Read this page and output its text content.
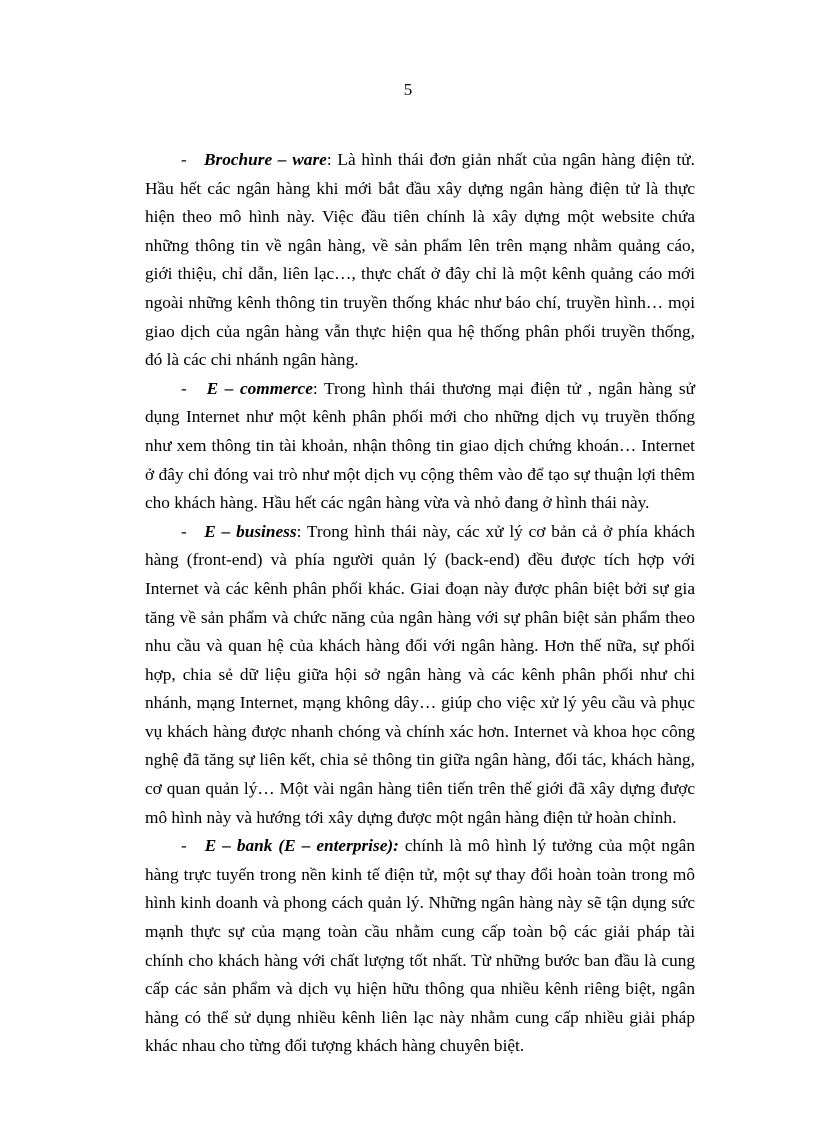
5

- Brochure – ware: Là hình thái đơn giản nhất của ngân hàng điện tử. Hầu hết các ngân hàng khi mới bắt đầu xây dựng ngân hàng điện tử là thực hiện theo mô hình này. Việc đầu tiên chính là xây dựng một website chứa những thông tin về ngân hàng, về sản phẩm lên trên mạng nhằm quảng cáo, giới thiệu, chỉ dẫn, liên lạc…, thực chất ở đây chỉ là một kênh quảng cáo mới ngoài những kênh thông tin truyền thống khác như báo chí, truyền hình… mọi giao dịch của ngân hàng vẫn thực hiện qua hệ thống phân phối truyền thống, đó là các chi nhánh ngân hàng.

- E – commerce: Trong hình thái thương mại điện tử , ngân hàng sử dụng Internet như một kênh phân phối mới cho những dịch vụ truyền thống như xem thông tin tài khoản, nhận thông tin giao dịch chứng khoán… Internet ở đây chỉ đóng vai trò như một dịch vụ cộng thêm vào để tạo sự thuận lợi thêm cho khách hàng. Hầu hết các ngân hàng vừa và nhỏ đang ở hình thái này.

- E – business: Trong hình thái này, các xử lý cơ bản cả ở phía khách hàng (front-end) và phía người quản lý (back-end) đều được tích hợp với Internet và các kênh phân phối khác. Giai đoạn này được phân biệt bởi sự gia tăng về sản phẩm và chức năng của ngân hàng với sự phân biệt sản phẩm theo nhu cầu và quan hệ của khách hàng đối với ngân hàng. Hơn thế nữa, sự phối hợp, chia sẻ dữ liệu giữa hội sở ngân hàng và các kênh phân phối như chi nhánh, mạng Internet, mạng không dây… giúp cho việc xử lý yêu cầu và phục vụ khách hàng được nhanh chóng và chính xác hơn. Internet và khoa học công nghệ đã tăng sự liên kết, chia sẻ thông tin giữa ngân hàng, đối tác, khách hàng, cơ quan quản lý… Một vài ngân hàng tiên tiến trên thế giới đã xây dựng được mô hình này và hướng tới xây dựng được một ngân hàng điện tử hoàn chỉnh.

- E – bank (E – enterprise): chính là mô hình lý tưởng của một ngân hàng trực tuyến trong nền kinh tế điện tử, một sự thay đổi hoàn toàn trong mô hình kinh doanh và phong cách quản lý. Những ngân hàng này sẽ tận dụng sức mạnh thực sự của mạng toàn cầu nhằm cung cấp toàn bộ các giải pháp tài chính cho khách hàng với chất lượng tốt nhất. Từ những bước ban đầu là cung cấp các sản phẩm và dịch vụ hiện hữu thông qua nhiều kênh riêng biệt, ngân hàng có thể sử dụng nhiều kênh liên lạc này nhằm cung cấp nhiều giải pháp khác nhau cho từng đối tượng khách hàng chuyên biệt.
